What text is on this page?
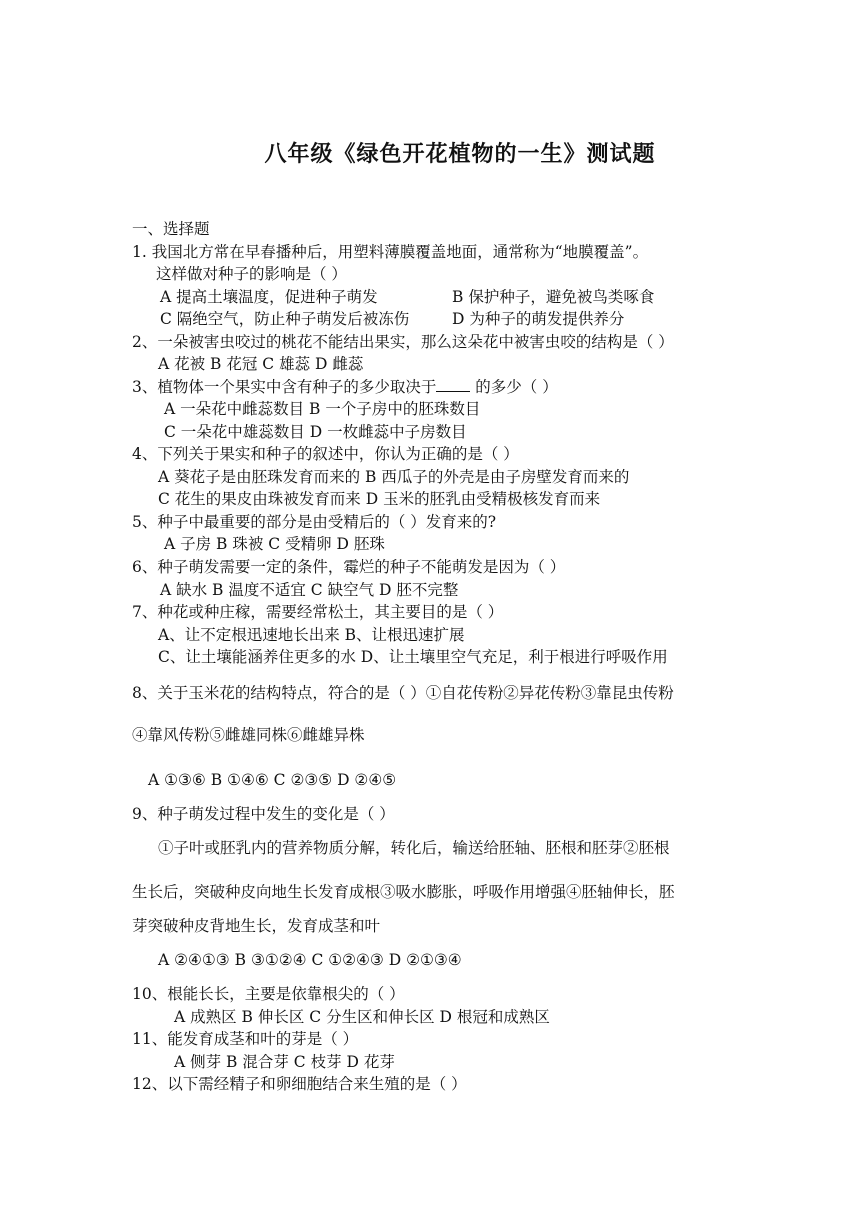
八年级《绿色开花植物的一生》测试题
一、选择题
1. 我国北方常在早春播种后，用塑料薄膜覆盖地面，通常称为“地膜覆盖”。
这样做对种子的影响是（ ）
A 提高土壤温度，促进种子萌发	B 保护种子，避免被鸟类啄食
C 隔绝空气，防止种子萌发后被冻伤	D 为种子的萌发提供养分
2、一朵被害虫咬过的桃花不能结出果实，那么这朵花中被害虫咬的结构是（ ）
A 花被 B 花冠 C 雄蕊 D 雌蕊
3、植物体一个果实中含有种子的多少取决于 的多少（ ）
A 一朵花中雌蕊数目 B 一个子房中的胚珠数目
C 一朵花中雄蕊数目 D 一枚雌蕊中子房数目
4、下列关于果实和种子的叙述中，你认为正确的是（ ）
A 葵花子是由胚珠发育而来的 B 西瓜子的外壳是由子房壁发育而来的
C 花生的果皮由珠被发育而来 D 玉米的胚乳由受精极核发育而来
5、种子中最重要的部分是由受精后的（ ）发育来的?
A 子房 B 珠被 C 受精卵 D 胚珠
6、种子萌发需要一定的条件，霉烂的种子不能萌发是因为（ ）
A 缺水 B 温度不适宜 C 缺空气 D 胚不完整
7、种花或种庄稼，需要经常松土，其主要目的是（ ）
A、让不定根迅速地长出来 B、让根迅速扩展
C、让土壤能涵养住更多的水 D、让土壤里空气充足，利于根进行呼吸作用
8、关于玉米花的结构特点，符合的是（ ）①自花传粉②异花传粉③靠昆虫传粉
④靠风传粉⑤雌雄同株⑥雌雄异株
A ①③⑥ B ①④⑥ C ②③⑤ D ②④⑤
9、种子萌发过程中发生的变化是（ ）
①子叶或胚乳内的营养物质分解，转化后，输送给胚轴、胚根和胚芽②胚根
生长后，突破种皮向地生长发育成根③吸水膨胀，呼吸作用增强④胚轴伸长，胚
芽突破种皮背地生长，发育成茎和叶
A ②④①③ B ③①②④ C ①②④③ D ②①③④
10、根能长长，主要是依靠根尖的（ ）
A 成熟区 B 伸长区 C 分生区和伸长区 D 根冠和成熟区
11、能发育成茎和叶的芽是（ ）
A 侧芽 B 混合芽 C 枝芽 D 花芽
12、以下需经精子和卵细胞结合来生殖的是（ ）
